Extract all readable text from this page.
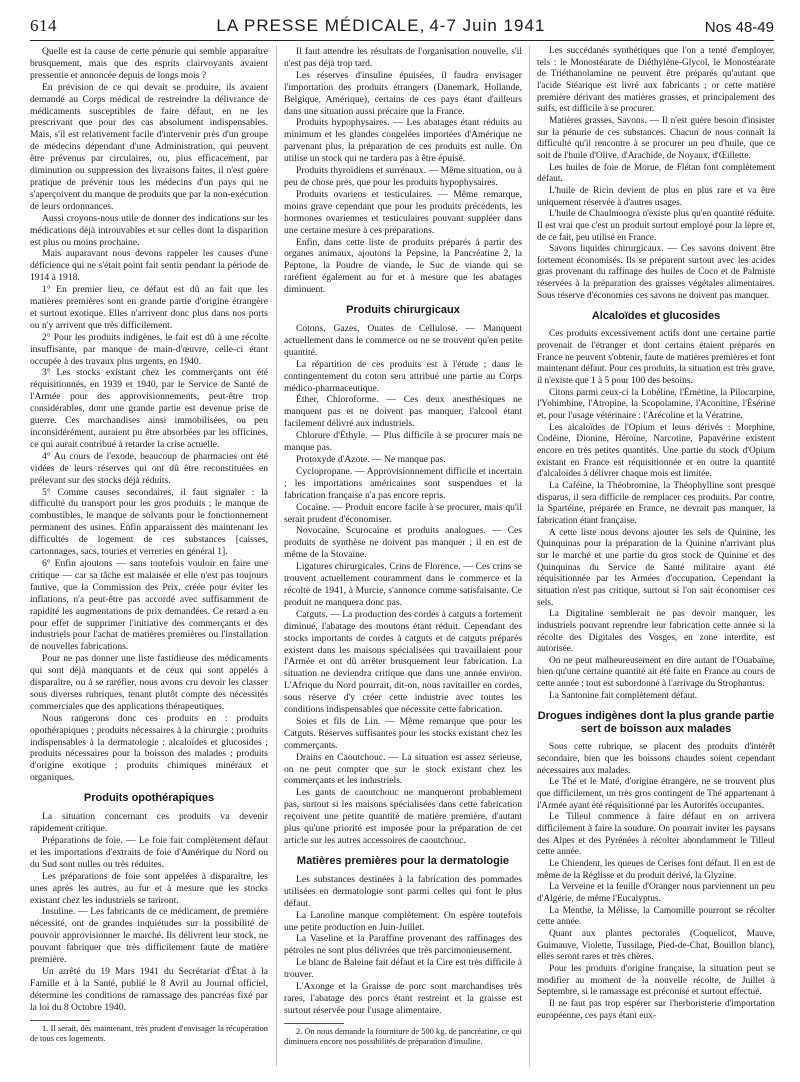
614	LA PRESSE MÉDICALE, 4-7 Juin 1941	Nos 48-49

Quelle est la cause de cette pénurie qui semble apparaître brusquement, mais que des esprits clairvoyants avaient pressentie et annoncée depuis de longs mois ?

En prévision de ce qui devait se produire, ils avaient demandé au Corps médical de restreindre la délivrance de médicaments susceptibles de faire défaut, en ne les prescrivant que pour des cas absolument indispensables. Mais, s'il est relativement facile d'intervenir près d'un groupe de médecins dépendant d'une Administration, qui peuvent être prévenus par circulaires, ou, plus efficacement, par diminution ou suppression des livraisons faites, il n'est guère pratique de prévenir tous les médecins d'un pays qui ne s'aperçoivent du manque de produits que par la non-exécution de leurs ordonnances.

Aussi croyons-nous utile de donner des indications sur les médications déjà introuvables et sur celles dont la disparition est plus ou moins prochaine.

Mais auparavant nous devons rappeler les causes d'une déficience qui ne s'était point fait sentir pendant la période de 1914 à 1918.

1° En premier lieu, ce défaut est dû au fait que les matières premières sont en grande partie d'origine étrangère et surtout exotique. Elles n'arrivent donc plus dans nos ports ou n'y arrivent que très difficilement.

2° Pour les produits indigènes, le fait est dû à une récolte insuffisante, par manque de main-d'œuvre, celle-ci étant occupée à des travaux plus urgents, en 1940.

3° Les stocks existant chez les commerçants ont été réquisitionnés, en 1939 et 1940, par le Service de Santé de l'Armée pour des approvisionnements, peut-être trop considérables, dont une grande partie est devenue prise de guerre. Ces marchandises ainsi immobilisées, ou peu inconsidérément, auraient pu être absorbées par les officines, ce qui aurait contribué à retarder la crise actuelle.

4° Au cours de l'exode, beaucoup de pharmacies ont été vidées de leurs réserves qui ont dû être reconstituées en prélevant sur des stocks déjà réduits.

5° Comme causes secondaires, il faut signaler : la difficulté du transport pour les gros produits ; le manque de combustibles, le manque de solvants pour le fonctionnement permanent des usines. Enfin apparaissent dès maintenant les difficultés de logement de ces substances [caisses, cartonnages, sacs, touries et verreries en général 1].

6° Enfin ajoutons — sans toutefois vouloir en faire une critique — car sa tâche est malaisée et elle n'est pas toujours fautive, que la Commission des Prix, créée pour éviter les inflations, n'a peut-être pas accordé avec suffisamment de rapidité les augmentations de prix demandées. Ce retard a eu pour effet de supprimer l'initiative des commerçants et des industriels pour l'achat de matières premières ou l'installation de nouvelles fabrications.

Pour ne pas donner une liste fastidieuse des médicaments qui sont déjà manquants et de ceux qui sont appelés à disparaître, ou à se raréfier, nous avons cru devoir les classer sous diverses rubriques, tenant plutôt compte des nécessités commerciales que des applications thérapeutiques.

Nous rangerons donc ces produits en : produits opothérapiques ; produits nécessaires à la chirurgie ; produits indispensables à la dermatologie ; alcaloïdes et glucosides ; produits nécessaires pour la boisson des malades ; produits d'origine exotique ; produits chimiques minéraux et organiques.

Produits opothérapiques

La situation concernant ces produits va devenir rapidement critique.

Préparations de foie. — Le foie fait complètement défaut et les importations d'extraits de foie d'Amérique du Nord ou du Sud sont nulles ou très réduites.

Les préparations de foie sont appelées à disparaître, les unes après les autres, au fur et à mesure que les stocks existant chez les industriels se tariront.

Insuline. — Les fabricants de ce médicament, de première nécessité, ont de grandes inquiétudes sur la possibilité de pouvoir approvisionner le marché. Ils délivrent leur stock, ne pouvant fabriquer que très difficilement faute de matière première.

Un arrêté du 19 Mars 1941 du Secrétariat d'État à la Famille et à la Santé, publié le 8 Avril au Journal officiel, détermine les conditions de ramassage des pancréas fixé par la loi du 8 Octobre 1940.

1. Il serait, dès maintenant, très prudent d'envisager la récupération de tous ces logements.

Il faut attendre les résultats de l'organisation nouvelle, s'il n'est pas déjà trop tard.

Les réserves d'insuline épuisées, il faudra envisager l'importation des produits étrangers (Danemark, Hollande, Belgique, Amérique), certains de ces pays étant d'ailleurs dans une situation aussi précaire que la France.

Produits hypophysaires. — Les abatages étant réduits au minimum et les glandes congelées importées d'Amérique ne parvenant plus, la préparation de ces produits est nulle. On utilise un stock qui ne tardera pas à être épuisé.

Produits thyroïdiens et surrénaux. — Même situation, ou à peu de chose près, que pour les produits hypophysaires.

Produits ovariens et testiculaires. — Même remarque, moins grave cependant que pour les produits précédents, les hormones ovariennes et testiculaires pouvant suppléer dans une certaine mesure à ces préparations.

Enfin, dans cette liste de produits préparés à partir des organes animaux, ajoutons la Pepsine, la Pancréatine 2, la Peptone, la Poudre de viande, le Suc de viande qui se raréfient également au fur et à mesure que les abatages diminuent.

Produits chirurgicaux

Cotons, Gazes, Ouates de Cellulose. — Manquent actuellement dans le commerce ou ne se trouvent qu'en petite quantité.

La répartition de ces produits est à l'étude ; dans le contingentement du coton sera attribué une partie au Corps médico-pharmaceutique.

Éther, Chloroforme. — Ces deux anesthésiques ne manquent pas et ne doivent pas manquer, l'alcool étant facilement délivré aux industriels.

Chlorure d'Éthyle. — Plus difficile à se procurer mais ne manque pas.

Protoxyde d'Azote. — Ne manque pas.

Cyclopropane. — Approvisionnement difficile et incertain ; les importations américaines sont suspendues et la fabrication française n'a pas encore repris.

Cocaïne. — Produit encore facile à se procurer, mais qu'il serait prudent d'économiser.

Novocaïne, Scurocaïne et produits analogues. — Ces produits de synthèse ne doivent pas manquer ; il en est de même de la Stovaïne.

Ligatures chirurgicales. Crins de Florence. — Ces crins se trouvent actuellement couramment dans le commerce et la récolte de 1941, à Murcie, s'annonce comme satisfaisante. Ce produit ne manquera donc pas.

Catguts. — La production des cordes à catguts a fortement diminué, l'abatage des moutons étant réduit. Cependant des stocks importants de cordes à catguts et de catguts préparés existent dans les maisons spécialisées qui travaillaient pour l'Armée et ont dû arrêter brusquement leur fabrication. La situation ne deviendra critique que dans une année environ. L'Afrique du Nord pourrait, dit-on, nous ravitailler en cordes, sous réserve d'y créer cette industrie avec toutes les conditions indispensables que nécessite cette fabrication.

Soies et fils de Lin. — Même remarque que pour les Catguts. Réserves suffisantes pour les stocks existant chez les commerçants.

Drains en Caoutchouc. — La situation est assez sérieuse, on ne peut compter que sur le stock existant chez les commerçants et les industriels.

Les gants de caoutchouc ne manqueront probablement pas, surtout si les maisons spécialisées dans cette fabrication reçoivent une petite quantité de matière première, d'autant plus qu'une priorité est imposée pour la préparation de cet article sur les autres accessoires de caoutchouc.

Matières premières pour la dermatologie

Les substances destinées à la fabrication des pommades utilisées en dermatologie sont parmi celles qui font le plus défaut.

La Lanoline manque complètement. On espère toutefois une petite production en Juin-Juillet.

La Vaseline et la Paraffine provenant des raffinages des pétroles ne sont plus délivrées que très parcimonieusement.

Le blanc de Baleine fait défaut et la Cire est très difficile à trouver.

L'Axonge et la Graisse de porc sont marchandises très rares, l'abatage des porcs étant restreint et la graisse est surtout réservée pour l'usage alimentaire.

2. On nous demande la fourniture de 500 kg. de pancréatine, ce qui diminuera encore nos possibilités de préparation d'insuline.

Les succédanés synthétiques que l'on a tenté d'employer, tels : le Monostéarate de Diéthylène-Glycol, le Monostéarate de Triéthanolamine ne peuvent être préparés qu'autant que l'acide Stéarique est livré aux fabricants ; or cette matière première dérivant des matières grasses, et principalement des suifs, est difficile à se procurer.

Matières grasses, Savons. — Il n'est guère besoin d'insister sur la pénurie de ces substances. Chacun de nous connaît la difficulté qu'il rencontre à se procurer un peu d'huile, que ce soit de l'huile d'Olive, d'Arachide, de Noyaux, d'Œillette.

Les huiles de foie de Morue, de Flétan font complètement défaut.

L'huile de Ricin devient de plus en plus rare et va être uniquement réservée à d'autres usages.

L'huile de Chaulmoogra n'existe plus qu'en quantité réduite. Il est vrai que c'est un produit surtout employé pour la lèpre et, de ce fait, peu utilisé en France.

Savons liquides chirurgicaux. — Ces savons doivent être fortement économisés. Ils se préparent surtout avec les acides gras provenant du raffinage des huiles de Coco et de Palmiste réservées à la préparation des graisses végétales alimentaires. Sous réserve d'économies ces savons ne doivent pas manquer.

Alcaloïdes et glucosides

Ces produits excessivement actifs dont une certaine partie provenait de l'étranger et dont certains étaient préparés en France ne peuvent s'obtenir, faute de matières premières et font maintenant défaut. Pour ces produits, la situation est très grave, il n'existe que 1 à 5 pour 100 des besoins.

Citons parmi ceux-ci la Lobéline, l'Émétine, la Pilocarpine, l'Yohimbine, l'Atropine, la Scopolamine, l'Aconitine, l'Ésérine et, pour l'usage vétérinaire : l'Arécoline et la Vératrine.

Les alcaloïdes de l'Opium et leurs dérivés : Morphine, Codéine, Dionine, Héroïne, Narcotine, Papavérine existent encore en très petites quantités. Une partie du stock d'Opium existant en France est réquisitionnée et en outre la quantité d'alcaloïdes à délivrer chaque mois est limitée.

La Caféine, la Théobromine, la Théophylline sont presque disparus, il sera difficile de remplacer ces produits. Par contre, la Spartéine, préparée en France, ne devrait pas manquer, la fabrication étant française.

A cette liste nous devons ajouter les sels de Quinine, les Quinquinas pour la préparation de la Quinine n'arrivant plus sur le marché et une partie du gros stock de Quinine et des Quinquinas du Service de Santé militaire ayant été réquisitionnée par les Armées d'occupation. Cependant la situation n'est pas critique, surtout si l'on sait économiser ces sels.

La Digitaline semblerait ne pas devoir manquer, les industriels pouvant reprendre leur fabrication cette année si la récolte des Digitales des Vosges, en zone interdite, est autorisée.

On ne peut malheureusement en dire autant de l'Ouabaïne, bien qu'une certaine quantité ait été faite en France au cours de cette année ; tout est subordonné à l'arrivage du Strophantus.

La Santonine fait complètement défaut.

Drogues indigènes dont la plus grande partie sert de boisson aux malades

Sous cette rubrique, se placent des produits d'intérêt secondaire, bien que les boissons chaudes soient cependant nécessaires aux malades.

Le Thé et le Maté, d'origine étrangère, ne se trouvent plus que difficilement, un très gros contingent de Thé appartenant à l'Armée ayant été réquisitionné par les Autorités occupantes.

Le Tilleul commence à faire défaut en on arrivera difficilement à faire la soudure. On pourrait inviter les paysans des Alpes et des Pyrénées à récolter abondamment le Tilleul cette année.

Le Chiendent, les queues de Cerises font défaut. Il en est de même de la Réglisse et du produit dérivé, la Glyzine.

La Verveine et la feuille d'Oranger nous parviennent un peu d'Algérie, de même l'Eucalyptus.

La Menthe, la Mélisse, la Camomille pourront se récolter cette année.

Quant aux plantes pectorales (Coquelicot, Mauve, Guimauve, Violette, Tussilage, Pied-de-Chat, Bouillon blanc), elles seront rares et très chères.

Pour les produits d'origine française, la situation peut se modifier au moment de la nouvelle récolte, de Juillet à Septembre, si le ramassage est préconisé et surtout effectué.

Il ne faut pas trop espérer sur l'herboristerie d'importation européenne, ces pays étant eux-
